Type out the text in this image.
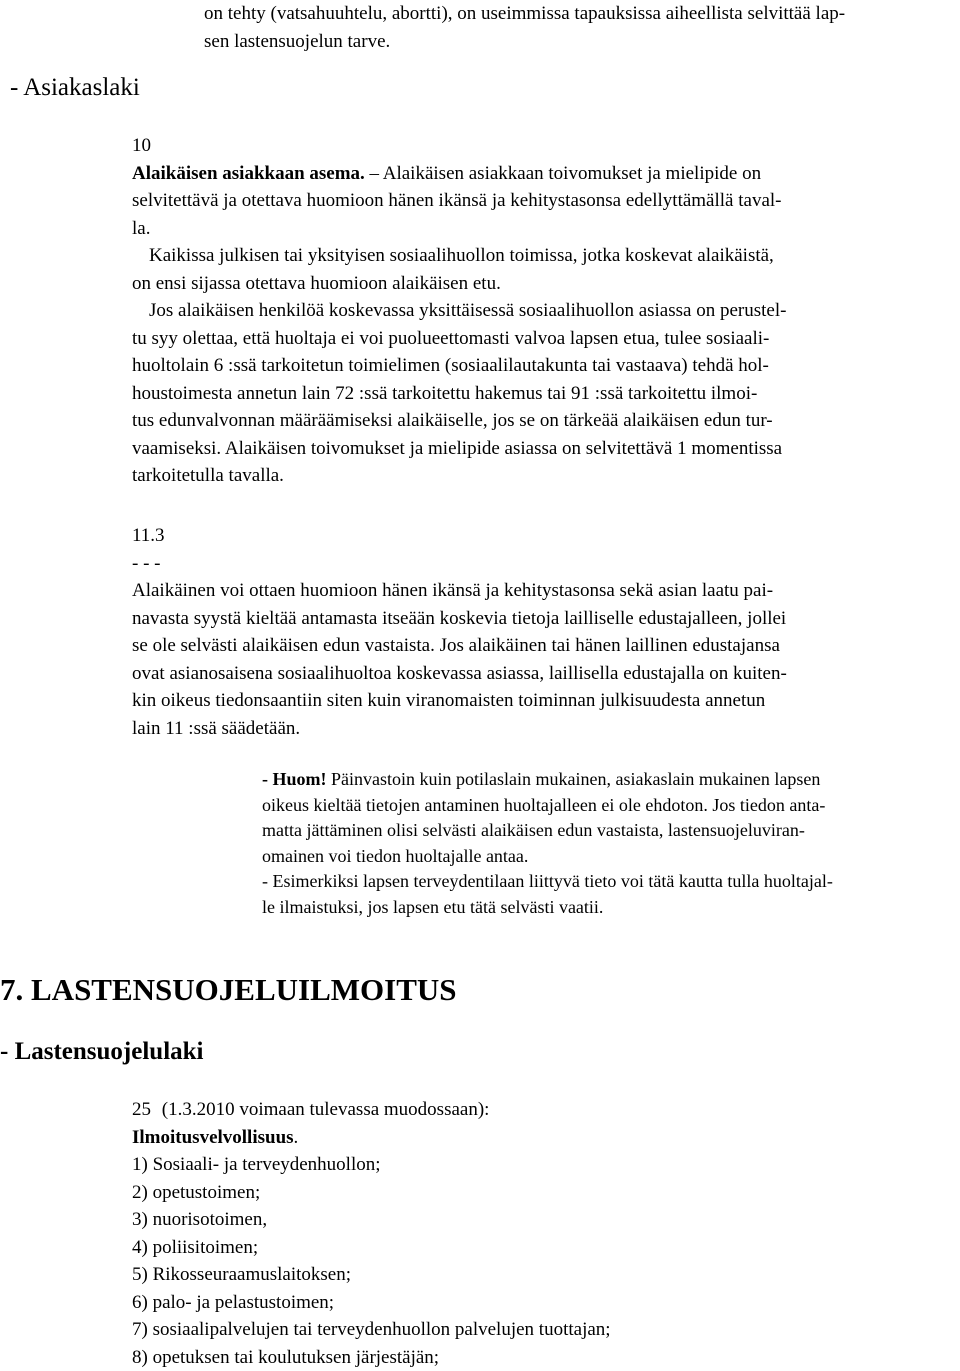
on tehty (vatsahuuhtelu, abortti), on useimmissa tapauksissa aiheellista selvittää lap-
sen lastensuojelun tarve.
- Asiakaslaki
10
Alaikäisen asiakkaan asema. – Alaikäisen asiakkaan toivomukset ja mielipide on
selvitettävä ja otettava huomioon hänen ikänsä ja kehitystasonsa edellyttämällä taval-
la.
Kaikissa julkisen tai yksityisen sosiaalihuollon toimissa, jotka koskevat alaikäistä,
on ensi sijassa otettava huomioon alaikäisen etu.
Jos alaikäisen henkilöä koskevassa yksittäisessä sosiaalihuollon asiassa on perustel-
tu syy olettaa, että huoltaja ei voi puolueettomasti valvoa lapsen etua, tulee sosiaali-
huoltolain 6 :ssä tarkoitetun toimielimen (sosiaalilautakunta tai vastaava) tehdä hol-
houstoimesta annetun lain 72 :ssä tarkoitettu hakemus tai 91 :ssä tarkoitettu ilmoi-
tus edunvalvonnan määräämiseksi alaikäiselle, jos se on tärkeää alaikäisen edun tur-
vaamiseksi. Alaikäisen toivomukset ja mielipide asiassa on selvitettävä 1 momentissa
tarkoitetulla tavalla.
11.3
- - -
Alaikäinen voi ottaen huomioon hänen ikänsä ja kehitystasonsa sekä asian laatu pai-
navasta syystä kieltää antamasta itseään koskevia tietoja lailliselle edustajalleen, jollei
se ole selvästi alaikäisen edun vastaista. Jos alaikäinen tai hänen laillinen edustajansa
ovat asianosaisena sosiaalihuoltoa koskevassa asiassa, laillisella edustajalla on kuiten-
kin oikeus tiedonsaantiin siten kuin viranomaisten toiminnan julkisuudesta annetun
lain 11 :ssä säädetään.
- Huom! Päinvastoin kuin potilaslain mukainen, asiakaslain mukainen lapsen
oikeus kieltää tietojen antaminen huoltajalleen ei ole ehdoton. Jos tiedon anta-
matta jättäminen olisi selvästi alaikäisen edun vastaista, lastensuojeluviran-
omainen voi tiedon huoltajalle antaa.
- Esimerkiksi lapsen terveydentilaan liittyvä tieto voi tätä kautta tulla huoltajal-
le ilmaistuksi, jos lapsen etu tätä selvästi vaatii.
7. LASTENSUOJELUILMOITUS
- Lastensuojelulaki
25 (1.3.2010 voimaan tulevassa muodossaan):
Ilmoitusvelvollisuus.
1) Sosiaali- ja terveydenhuollon;
2) opetustoimen;
3) nuorisotoimen,
4) poliisitoimen;
5) Rikosseuraamuslaitoksen;
6) palo- ja pelastustoimen;
7) sosiaalipalvelujen tai terveydenhuollon palvelujen tuottajan;
8) opetuksen tai koulutuksen järjestäjän;
